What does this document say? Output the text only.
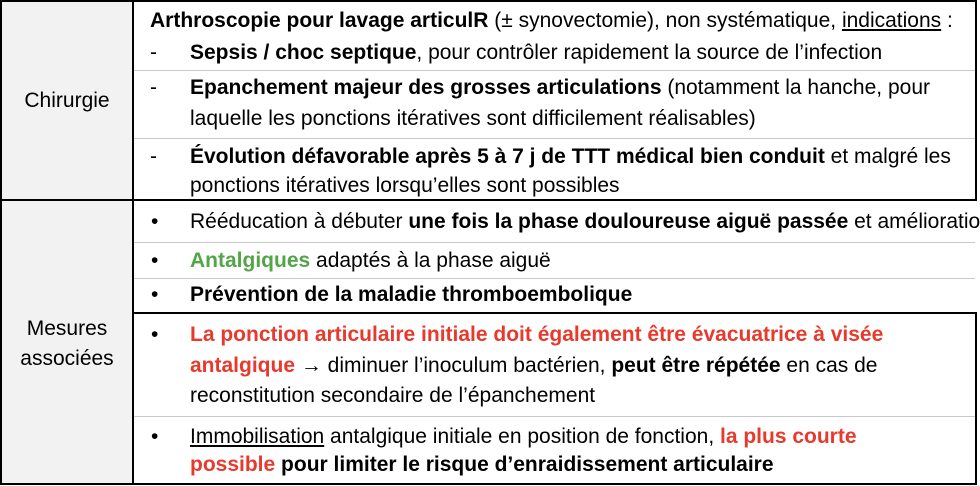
Chirurgie
Mesures associées
Arthroscopie pour lavage articulR (± synovectomie), non systématique, indications :
- Sepsis / choc septique, pour contrôler rapidement la source de l’infection
- Epanchement majeur des grosses articulations (notamment la hanche, pour
laquelle les ponctions itératives sont difficilement réalisables)
- Évolution défavorable après 5 à 7 j de TTT médical bien conduit et malgré les
ponctions itératives lorsqu’elles sont possibles
• Rééducation à débuter une fois la phase douloureuse aiguë passée et amélioratio
• Antalgiques adaptés à la phase aiguë
• Prévention de la maladie thromboembolique
• La ponction articulaire initiale doit également être évacuatrice à visée
antalgique → diminuer l’inoculum bactérien, peut être répétée en cas de
reconstitution secondaire de l’épanchement
• Immobilisation antalgique initiale en position de fonction, la plus courte
possible pour limiter le risque d’enraidissement articulaire
